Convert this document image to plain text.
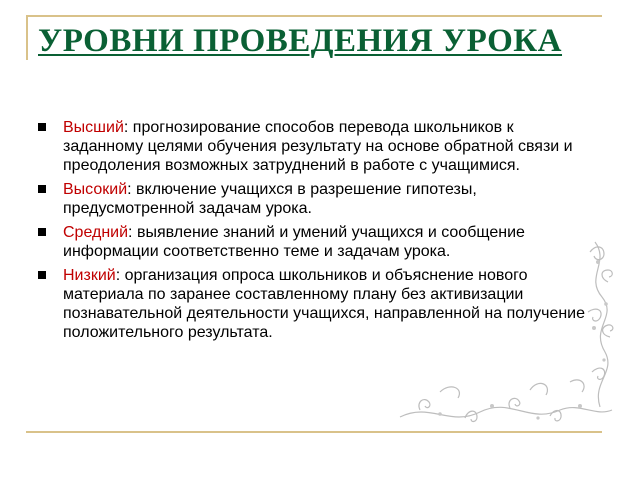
УРОВНИ ПРОВЕДЕНИЯ УРОКА
Высший: прогнозирование способов перевода школьников к заданному целями обучения результату на основе обратной связи и преодоления возможных затруднений в работе с учащимися.
Высокий: включение учащихся в разрешение гипотезы, предусмотренной задачам урока.
Средний: выявление знаний и умений учащихся и сообщение информации соответственно теме и задачам урока.
Низкий: организация опроса школьников и объяснение нового материала по заранее составленному плану без активизации познавательной деятельности учащихся, направленной на получение положительного результата.
